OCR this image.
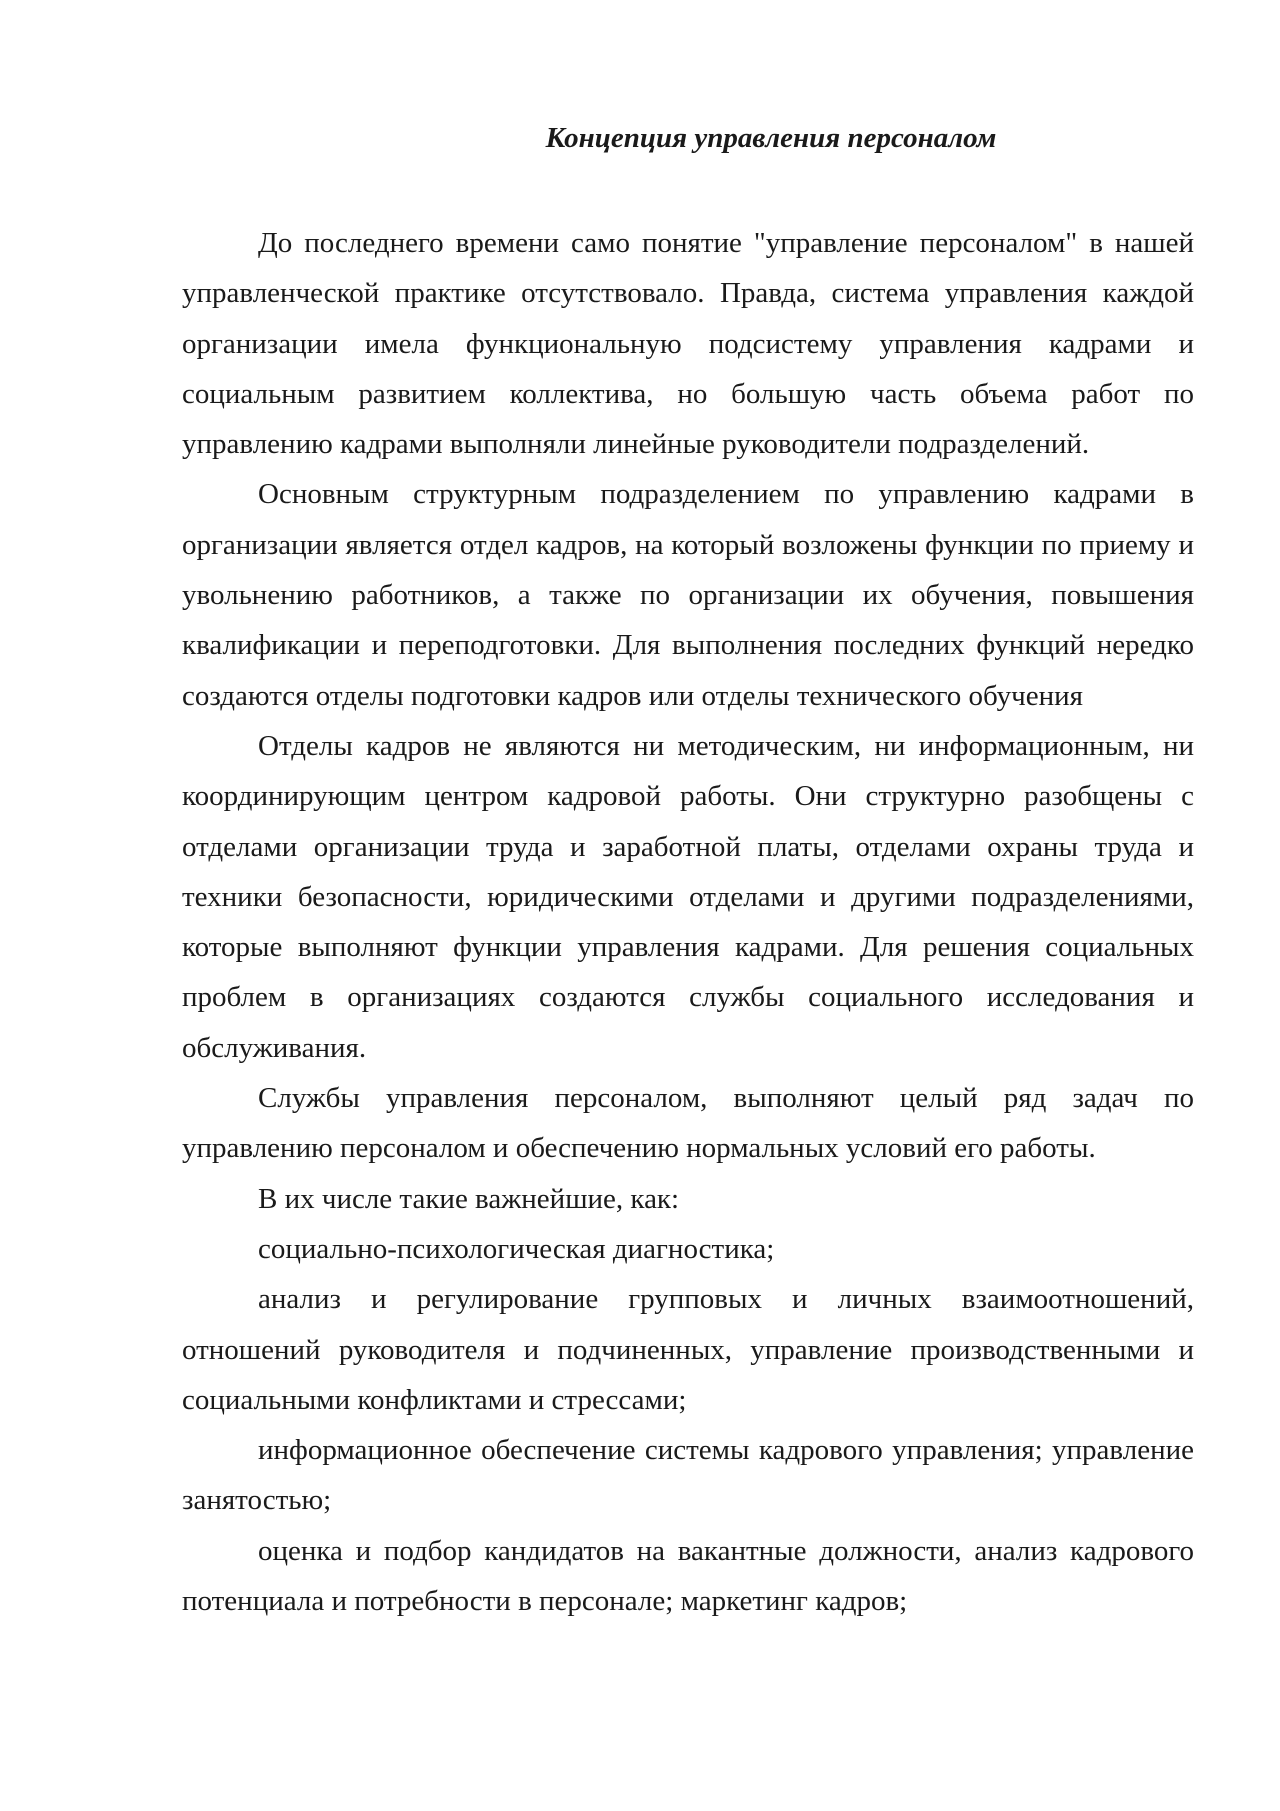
Концепция управления персоналом

До последнего времени само понятие "управление персоналом" в нашей управленческой практике отсутствовало. Правда, система управления каждой организации имела функциональную подсистему управления кадрами и социальным развитием коллектива, но большую часть объема работ по управлению кадрами выполняли линейные руководители подразделений.

Основным структурным подразделением по управлению кадрами в организации является отдел кадров, на который возложены функции по приему и увольнению работников, а также по организации их обучения, повышения квалификации и переподготовки. Для выполнения последних функций нередко создаются отделы подготовки кадров или отделы технического обучения

Отделы кадров не являются ни методическим, ни информационным, ни координирующим центром кадровой работы. Они структурно разобщены с отделами организации труда и заработной платы, отделами охраны труда и техники безопасности, юридическими отделами и другими подразделениями, которые выполняют функции управления кадрами. Для решения социальных проблем в организациях создаются службы социального исследования и обслуживания.

Службы управления персоналом, выполняют целый ряд задач по управлению персоналом и обеспечению нормальных условий его работы.

В их числе такие важнейшие, как:

социально-психологическая диагностика;

анализ и регулирование групповых и личных взаимоотношений, отношений руководителя и подчиненных, управление производственными и социальными конфликтами и стрессами;

информационное обеспечение системы кадрового управления; управление занятостью;

оценка и подбор кандидатов на вакантные должности, анализ кадрового потенциала и потребности в персонале; маркетинг кадров;
